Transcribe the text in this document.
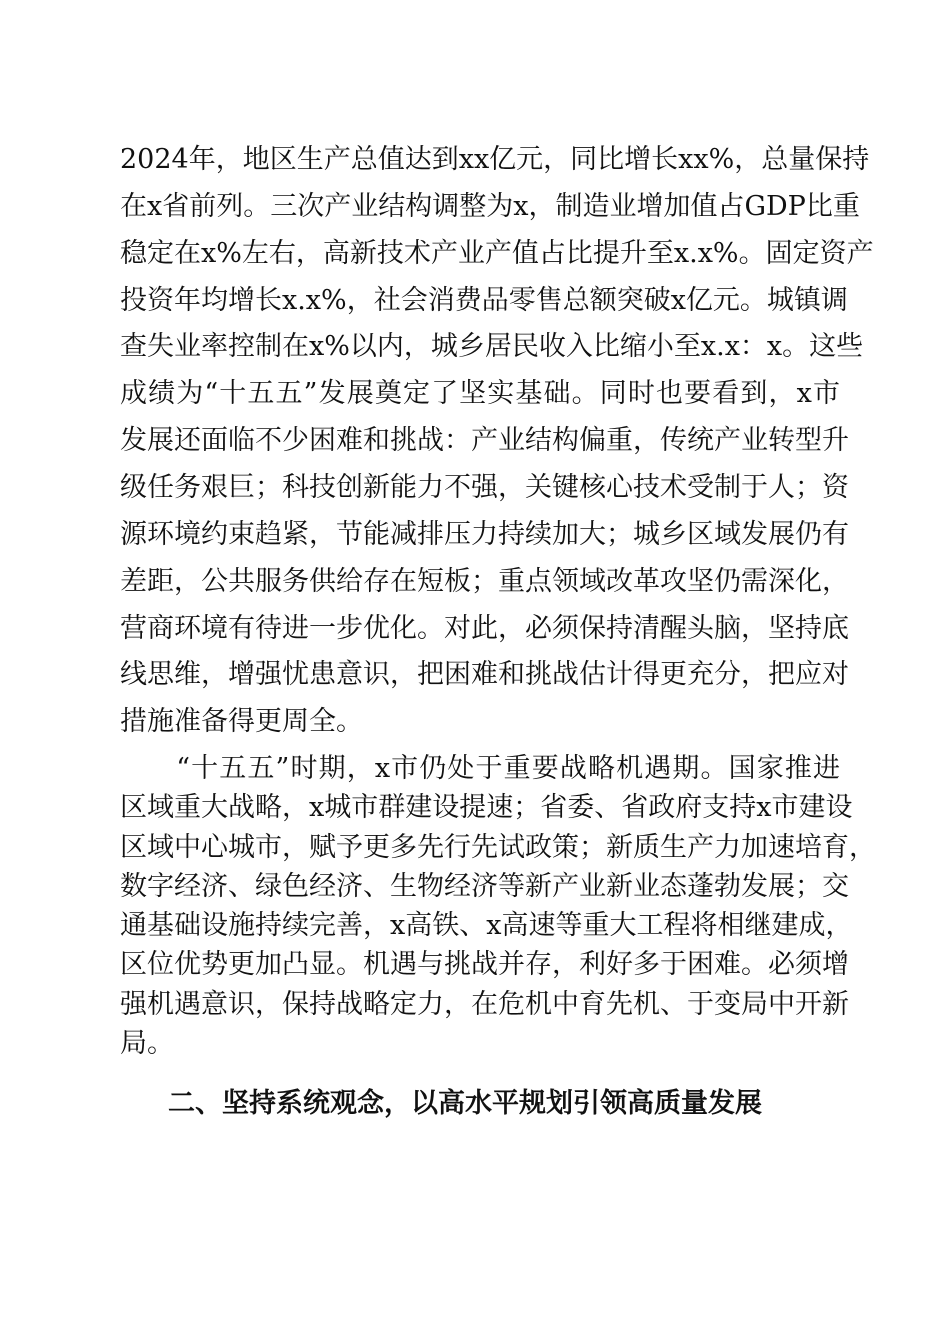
2024年，地区生产总值达到xx亿元，同比增长xx%，总量保持
在x省前列。三次产业结构调整为x，制造业增加值占GDP比重
稳定在x%左右，高新技术产业产值占比提升至x.x%。固定资产
投资年均增长x.x%，社会消费品零售总额突破x亿元。城镇调
查失业率控制在x%以内，城乡居民收入比缩小至x.x：x。这些
成绩为“十五五”发展奠定了坚实基础。同时也要看到，x市
发展还面临不少困难和挑战：产业结构偏重，传统产业转型升
级任务艰巨；科技创新能力不强，关键核心技术受制于人；资
源环境约束趋紧，节能减排压力持续加大；城乡区域发展仍有
差距，公共服务供给存在短板；重点领域改革攻坚仍需深化，
营商环境有待进一步优化。对此，必须保持清醒头脑，坚持底
线思维，增强忧患意识，把困难和挑战估计得更充分，把应对
措施准备得更周全。
　　“十五五”时期，x市仍处于重要战略机遇期。国家推进
区域重大战略，x城市群建设提速；省委、省政府支持x市建设
区域中心城市，赋予更多先行先试政策；新质生产力加速培育，
数字经济、绿色经济、生物经济等新产业新业态蓬勃发展；交
通基础设施持续完善，x高铁、x高速等重大工程将相继建成，
区位优势更加凸显。机遇与挑战并存，利好多于困难。必须增
强机遇意识，保持战略定力，在危机中育先机、于变局中开新
局。
二、坚持系统观念，以高水平规划引领高质量发展
